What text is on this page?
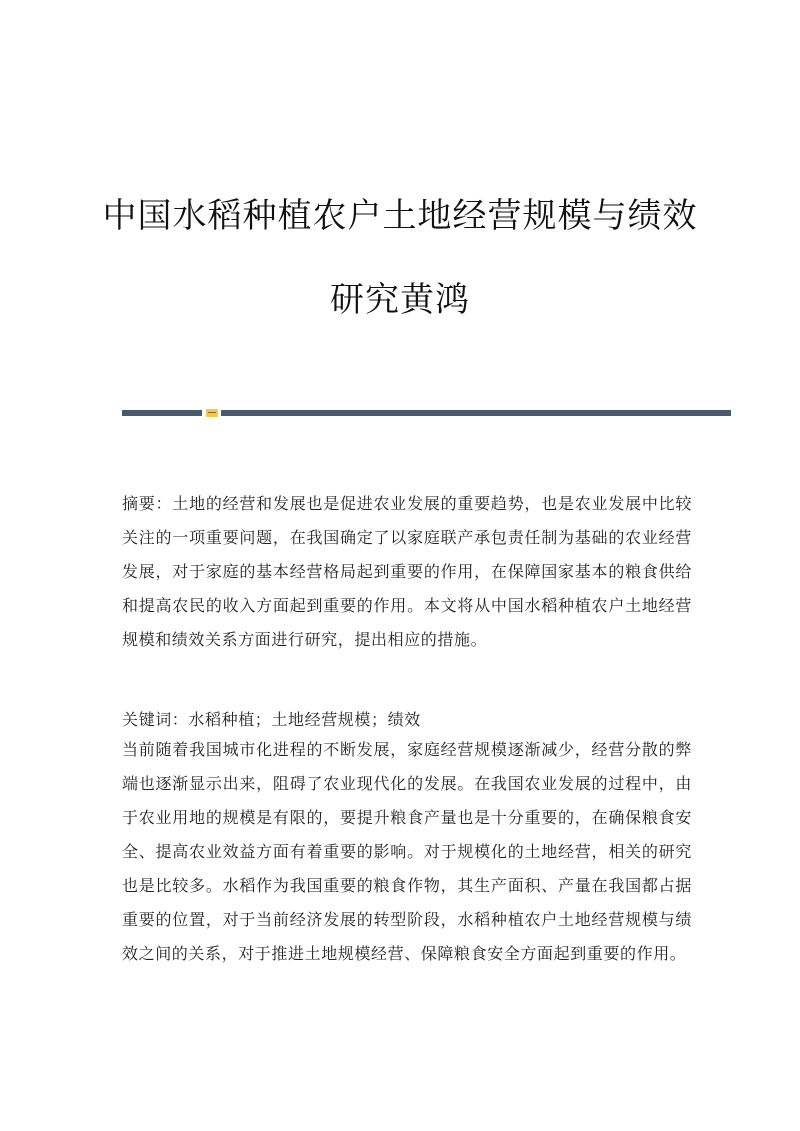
中国水稻种植农户土地经营规模与绩效
研究黄鸿

摘要：土地的经营和发展也是促进农业发展的重要趋势，也是农业发展中比较关注的一项重要问题，在我国确定了以家庭联产承包责任制为基础的农业经营发展，对于家庭的基本经营格局起到重要的作用，在保障国家基本的粮食供给和提高农民的收入方面起到重要的作用。本文将从中国水稻种植农户土地经营规模和绩效关系方面进行研究，提出相应的措施。

关键词：水稻种植；土地经营规模；绩效

当前随着我国城市化进程的不断发展，家庭经营规模逐渐减少，经营分散的弊端也逐渐显示出来，阻碍了农业现代化的发展。在我国农业发展的过程中，由于农业用地的规模是有限的，要提升粮食产量也是十分重要的，在确保粮食安全、提高农业效益方面有着重要的影响。对于规模化的土地经营，相关的研究也是比较多。水稻作为我国重要的粮食作物，其生产面积、产量在我国都占据重要的位置，对于当前经济发展的转型阶段，水稻种植农户土地经营规模与绩效之间的关系，对于推进土地规模经营、保障粮食安全方面起到重要的作用。
